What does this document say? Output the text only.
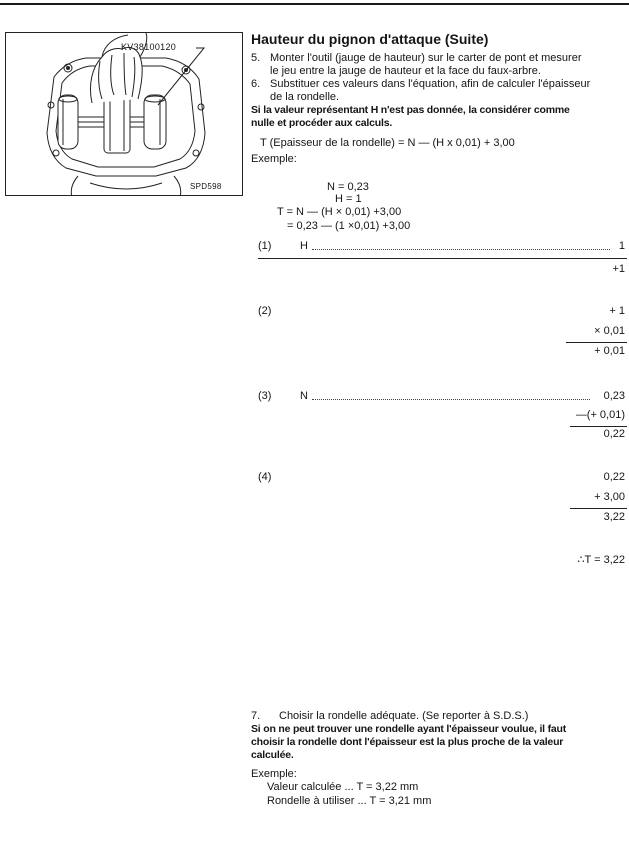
KV38100120
SPD598
Hauteur du pignon d'attaque (Suite)
5. Monter l'outil (jauge de hauteur) sur le carter de pont et mesurer
le jeu entre la jauge de hauteur et la face du faux-arbre.
6. Substituer ces valeurs dans l'équation, afin de calculer l'épaisseur
de la rondelle.
Si la valeur représentant H n'est pas donnée, la considérer comme
nulle et procéder aux calculs.
T (Epaisseur de la rondelle) = N — (H x 0,01) + 3,00
Exemple:
N = 0,23
H = 1
T = N — (H × 0,01) +3,00
= 0,23 — (1 ×0,01) +3,00
(1)	H	1
+1
(2)	+ 1
× 0,01
+ 0,01
(3)	N	0,23
—(+ 0,01)
0,22
(4)	0,22
+ 3,00
3,22
∴T = 3,22
7. Choisir la rondelle adéquate. (Se reporter à S.D.S.)
Si on ne peut trouver une rondelle ayant l'épaisseur voulue, il faut
choisir la rondelle dont l'épaisseur est la plus proche de la valeur
calculée.
Exemple:
Valeur calculée ... T = 3,22 mm
Rondelle à utiliser ... T = 3,21 mm
